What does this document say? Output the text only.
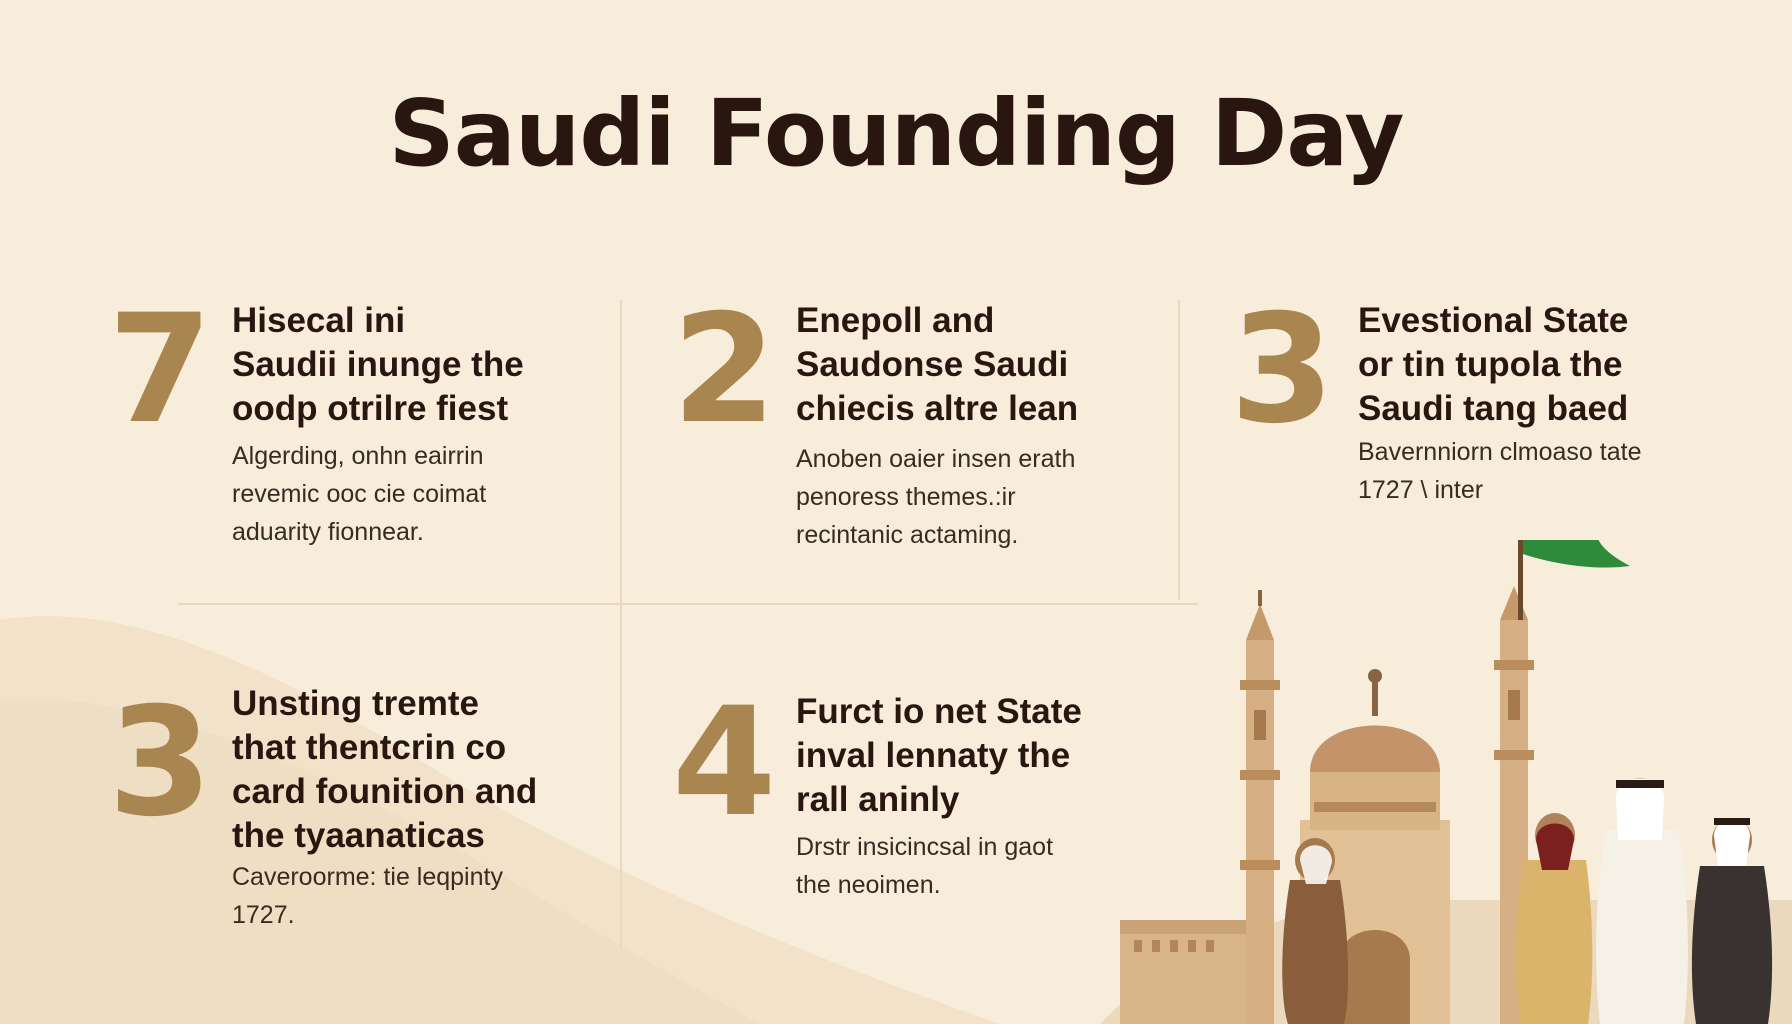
Saudi Founding Day
7 Hisecal ini
Saudii inunge the
oodp otrilre fiest

Algerding, onhn eairrin
revemic ooc cie coimat
aduarity fionnear.

2 Enepoll and
Saudonse Saudi
chiecis altre lean

Anoben oaier insen erath
penoress themes.:ir
recintanic actaming.

3 Evestional State
or tin tupola the
Saudi tang baed

Bavernniorn clmoaso tate
1727 \ inter

3 Unsting tremte
that thentcrin co
card founition and
the tyaanaticas

Caveroorme: tie leqpinty
1727.

4 Furct io net State
inval lennaty the
rall aninly

Drstr insicincsal in gaot
the neoimen.
